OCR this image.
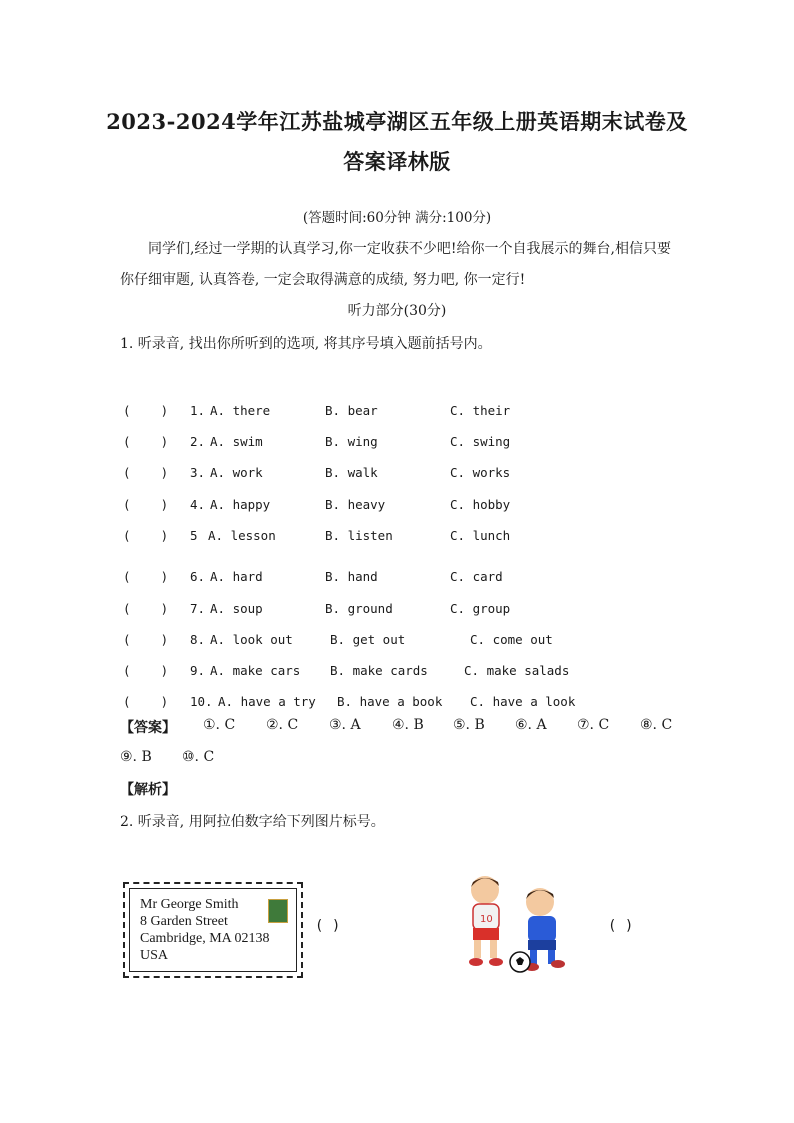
2023-2024学年江苏盐城亭湖区五年级上册英语期末试卷及
答案译林版
(答题时间:60分钟 满分:100分)
同学们,经过一学期的认真学习,你一定收获不少吧!给你一个自我展示的舞台,相信只要你仔细审题, 认真答卷, 一定会取得满意的成绩, 努力吧, 你一定行!
听力部分(30分)
1. 听录音, 找出你所听到的选项, 将其序号填入题前括号内。
(    ) 1. A. there	B. bear	C. their
(    ) 2. A. swim	B. wing	C. swing
(    ) 3. A. work	B. walk	C. works
(    ) 4. A. happy	B. heavy	C. hobby
(    ) 5 A. lesson	B. listen	C. lunch
(    ) 6. A. hard	B. hand	C. card
(    ) 7. A. soup	B. ground	C. group
(    ) 8. A. look out	B. get out	C. come out
(    ) 9. A. make cars B. make cards	C. make salads
(    ) 10. A. have a try B. have a book C. have a look
【答案】 ①. C ②. C ③. A ④. B ⑤. B ⑥. A ⑦. C ⑧. C
⑨. B ⑩. C
【解析】
2. 听录音, 用阿拉伯数字给下列图片标号。
Mr George Smith
8 Garden Street
Cambridge, MA 02138
USA
( )	10	( )
